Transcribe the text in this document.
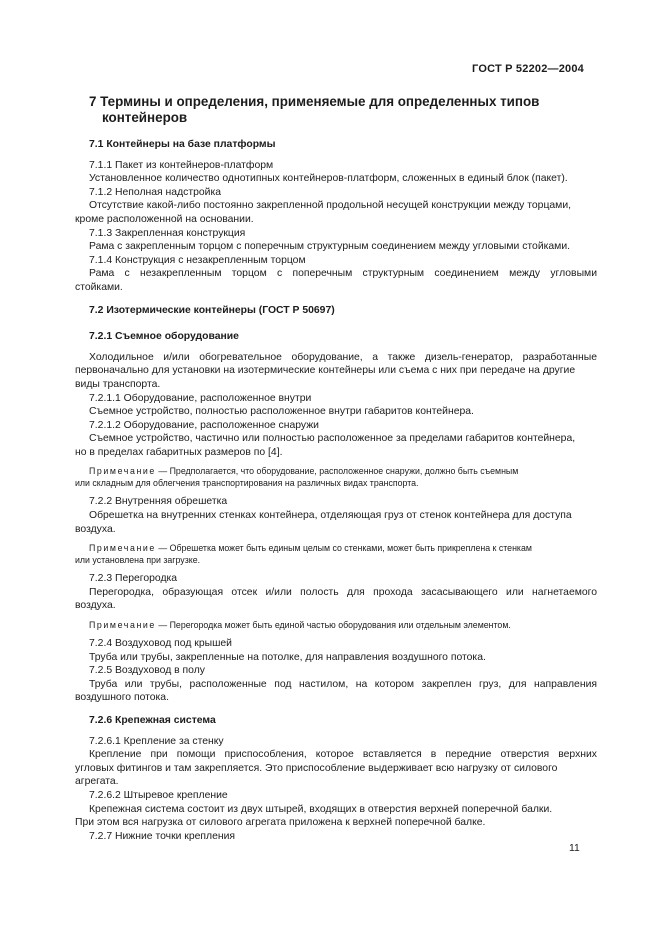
ГОСТ Р 52202—2004
7 Термины и определения, применяемые для определенных типов
контейнеров

7.1 Контейнеры на базе платформы

7.1.1 Пакет из контейнеров-платформ

Установленное количество однотипных контейнеров-платформ, сложенных в единый блок (пакет).

7.1.2 Неполная надстройка

Отсутствие какой-либо постоянно закрепленной продольной несущей конструкции между торцами,

кроме расположенной на основании.

7.1.3 Закрепленная конструкция

Рама с закрепленным торцом с поперечным структурным соединением между угловыми стойками.

7.1.4 Конструкция с незакрепленным торцом

Рама с незакрепленным торцом с поперечным структурным соединением между угловыми

стойками.

7.2 Изотермические контейнеры (ГОСТ Р 50697)

7.2.1 Съемное оборудование

Холодильное и/или обогревательное оборудование, а также дизель-генератор, разработанные

первоначально для установки на изотермические контейнеры или съема с них при передаче на другие

виды транспорта.

7.2.1.1 Оборудование, расположенное внутри

Съемное устройство, полностью расположенное внутри габаритов контейнера.

7.2.1.2 Оборудование, расположенное снаружи

Съемное устройство, частично или полностью расположенное за пределами габаритов контейнера,

но в пределах габаритных размеров по [4].

Примечание — Предполагается, что оборудование, расположенное снаружи, должно быть съемным
или складным для облегчения транспортирования на различных видах транспорта.

7.2.2 Внутренняя обрешетка

Обрешетка на внутренних стенках контейнера, отделяющая груз от стенок контейнера для доступа

воздуха.

Примечание — Обрешетка может быть единым целым со стенками, может быть прикреплена к стенкам
или установлена при загрузке.

7.2.3 Перегородка

Перегородка, образующая отсек и/или полость для прохода засасывающего или нагнетаемого

воздуха.

Примечание — Перегородка может быть единой частью оборудования или отдельным элементом.

7.2.4 Воздуховод под крышей

Труба или трубы, закрепленные на потолке, для направления воздушного потока.

7.2.5 Воздуховод в полу

Труба или трубы, расположенные под настилом, на котором закреплен груз, для направления

воздушного потока.

7.2.6 Крепежная система

7.2.6.1 Крепление за стенку

Крепление при помощи приспособления, которое вставляется в передние отверстия верхних

угловых фитингов и там закрепляется. Это приспособление выдерживает всю нагрузку от силового

агрегата.

7.2.6.2 Штыревое крепление

Крепежная система состоит из двух штырей, входящих в отверстия верхней поперечной балки.

При этом вся нагрузка от силового агрегата приложена к верхней поперечной балке.

7.2.7 Нижние точки крепления

11
